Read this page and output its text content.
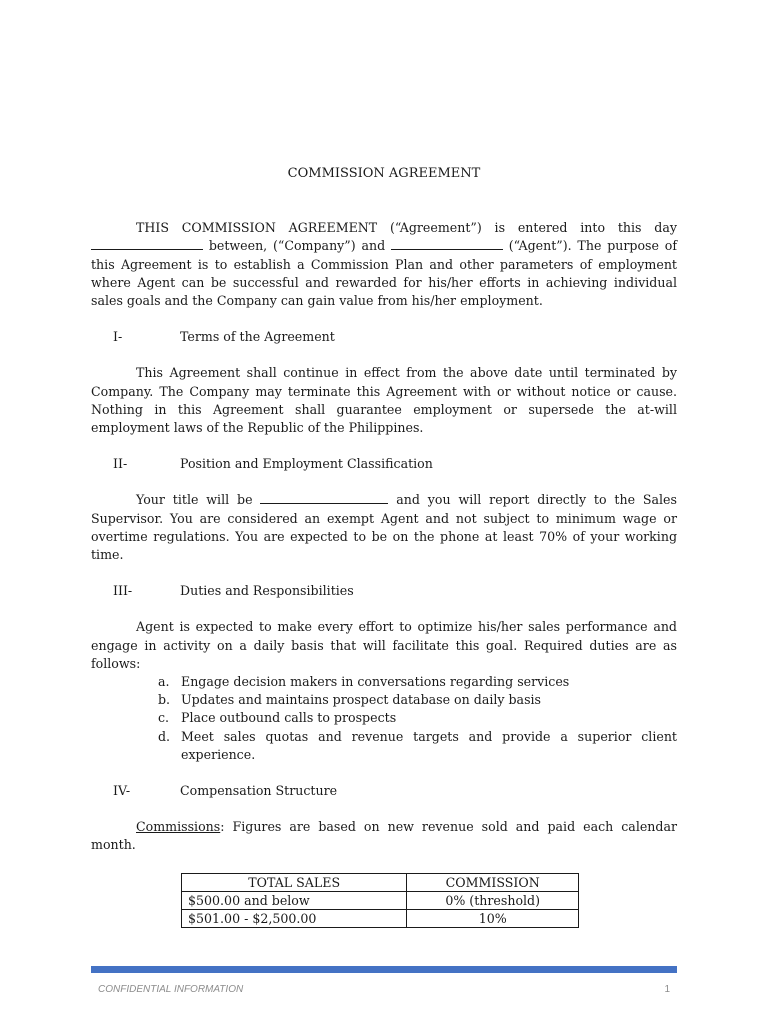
COMMISSION AGREEMENT

THIS COMMISSION AGREEMENT (“Agreement”) is entered into this day  between, (“Company”) and	(“Agent”). The purpose of this Agreement is to establish a Commission Plan and other parameters of employment where Agent can be successful and rewarded for his/her efforts in achieving individual sales goals and the Company can gain value from his/her employment.

I-	Terms of the Agreement

This Agreement shall continue in effect from the above date until terminated by Company. The Company may terminate this Agreement with or without notice or cause. Nothing in this Agreement shall guarantee employment or supersede the at-will employment laws of the Republic of the Philippines.

II-	Position and Employment Classification

Your title will be	and you will report directly to the Sales Supervisor. You are considered an exempt Agent and not subject to minimum wage or overtime regulations. You are expected to be on the phone at least 70% of your working time.

III-	Duties and Responsibilities

Agent is expected to make every effort to optimize his/her sales performance and engage in activity on a daily basis that will facilitate this goal. Required duties are as follows:

a. Engage decision makers in conversations regarding services
b. Updates and maintains prospect database on daily basis
c. Place outbound calls to prospects
d. Meet sales quotas and revenue targets and provide a superior client experience.
IV-	Compensation Structure

Commissions: Figures are based on new revenue sold and paid each calendar month.

TOTAL SALES	COMMISSION
$500.00 and below	0% (threshold)
$501.00 - $2,500.00	10%
CONFIDENTIAL INFORMATION	1
